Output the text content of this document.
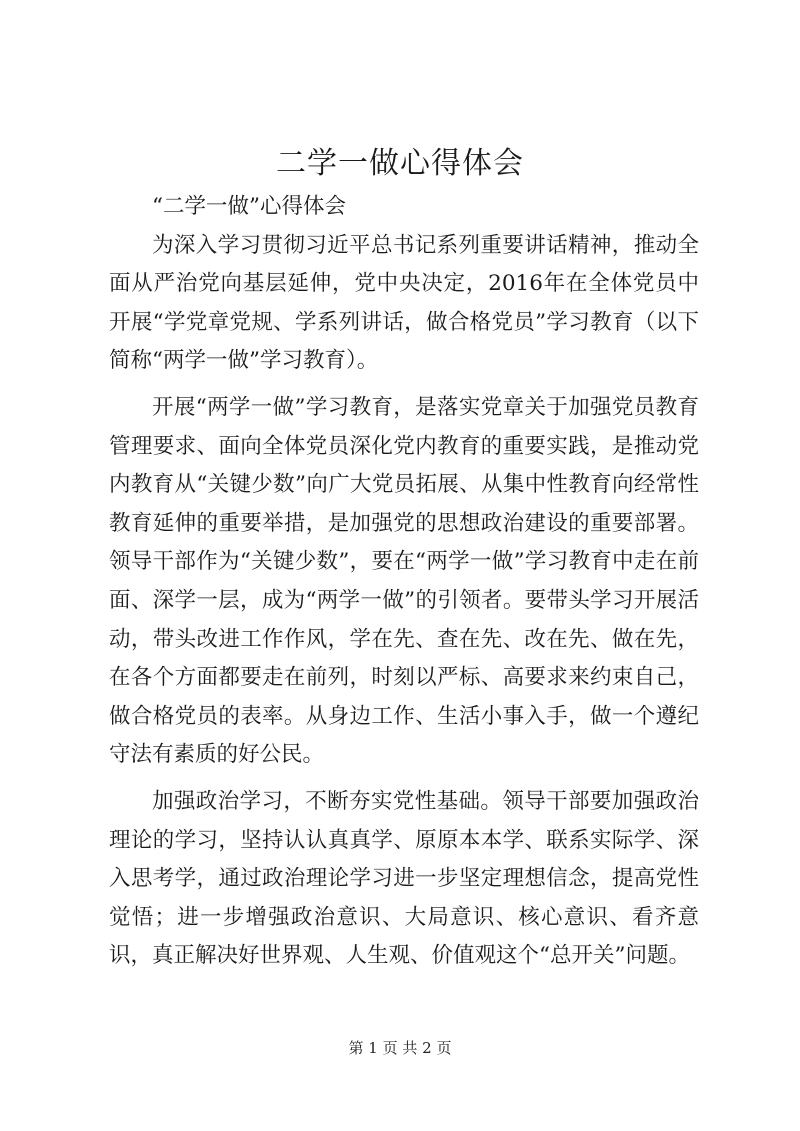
二学一做心得体会

“二学一做”心得体会

为深入学习贯彻习近平总书记系列重要讲话精神，推动全面从严治党向基层延伸，党中央决定，2016年在全体党员中开展“学党章党规、学系列讲话，做合格党员”学习教育（以下简称“两学一做”学习教育）。

开展“两学一做”学习教育，是落实党章关于加强党员教育管理要求、面向全体党员深化党内教育的重要实践，是推动党内教育从“关键少数”向广大党员拓展、从集中性教育向经常性教育延伸的重要举措，是加强党的思想政治建设的重要部署。领导干部作为“关键少数”，要在“两学一做”学习教育中走在前面、深学一层，成为“两学一做”的引领者。要带头学习开展活动，带头改进工作作风，学在先、查在先、改在先、做在先，在各个方面都要走在前列，时刻以严标、高要求来约束自己，做合格党员的表率。从身边工作、生活小事入手，做一个遵纪守法有素质的好公民。

加强政治学习，不断夯实党性基础。领导干部要加强政治理论的学习，坚持认认真真学、原原本本学、联系实际学、深入思考学，通过政治理论学习进一步坚定理想信念，提高党性觉悟；进一步增强政治意识、大局意识、核心意识、看齐意识，真正解决好世界观、人生观、价值观这个“总开关”问题。

第 1 页 共 2 页
